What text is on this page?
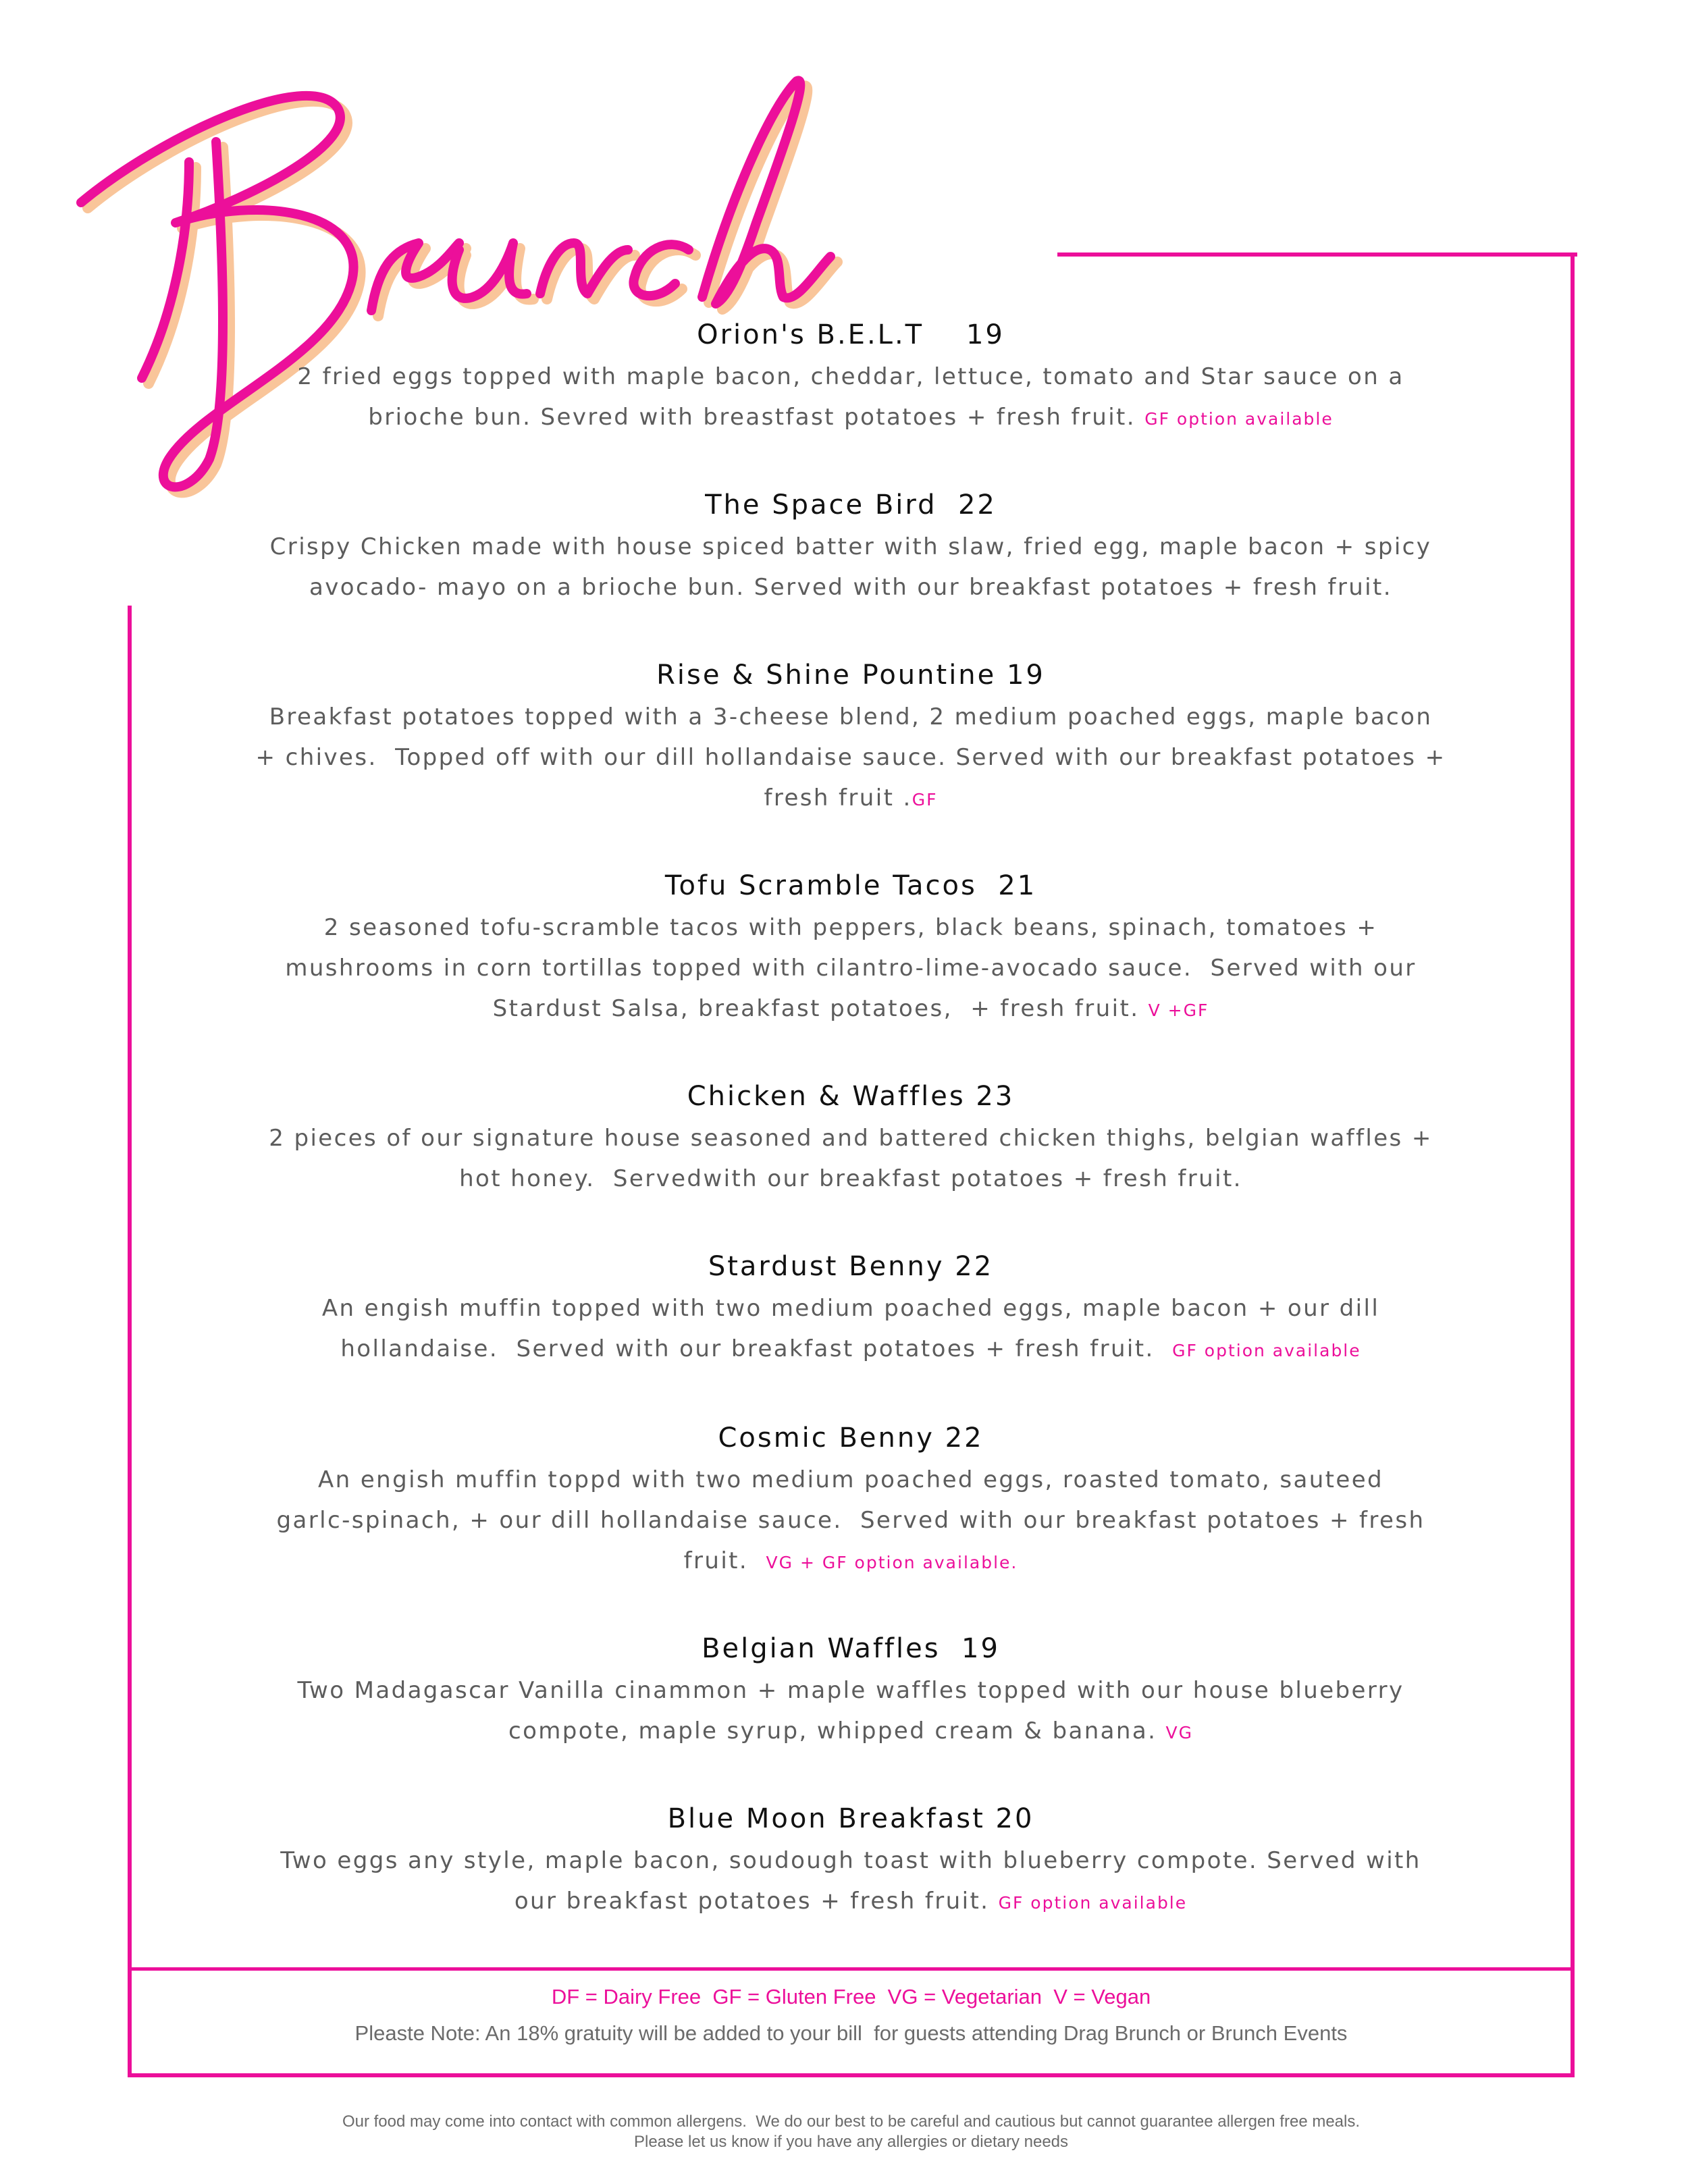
Orion's B.E.L.T    19
2 fried eggs topped with maple bacon, cheddar, lettuce, tomato and Star sauce on a
brioche bun. Sevred with breastfast potatoes + fresh fruit. GF option available
The Space Bird  22
Crispy Chicken made with house spiced batter with slaw, fried egg, maple bacon + spicy
avocado- mayo on a brioche bun. Served with our breakfast potatoes + fresh fruit.
Rise & Shine Pountine 19
Breakfast potatoes topped with a 3-cheese blend, 2 medium poached eggs, maple bacon
+ chives.  Topped off with our dill hollandaise sauce. Served with our breakfast potatoes +
fresh fruit .GF
Tofu Scramble Tacos  21
2 seasoned tofu-scramble tacos with peppers, black beans, spinach, tomatoes +
mushrooms in corn tortillas topped with cilantro-lime-avocado sauce.  Served with our
Stardust Salsa, breakfast potatoes,  + fresh fruit. V +GF
Chicken & Waffles 23
2 pieces of our signature house seasoned and battered chicken thighs, belgian waffles +
hot honey.  Servedwith our breakfast potatoes + fresh fruit.
Stardust Benny 22
An engish muffin topped with two medium poached eggs, maple bacon + our dill
hollandaise.  Served with our breakfast potatoes + fresh fruit.  GF option available
Cosmic Benny 22
An engish muffin toppd with two medium poached eggs, roasted tomato, sauteed
garlc-spinach, + our dill hollandaise sauce.  Served with our breakfast potatoes + fresh
fruit.  VG + GF option available.
Belgian Waffles  19
Two Madagascar Vanilla cinammon + maple waffles topped with our house blueberry
compote, maple syrup, whipped cream & banana. VG
Blue Moon Breakfast 20
Two eggs any style, maple bacon, soudough toast with blueberry compote. Served with
our breakfast potatoes + fresh fruit. GF option available
DF = Dairy Free  GF = Gluten Free  VG = Vegetarian  V = Vegan
Pleaste Note: An 18% gratuity will be added to your bill  for guests attending Drag Brunch or Brunch Events
Our food may come into contact with common allergens.  We do our best to be careful and cautious but cannot guarantee allergen free meals.
Please let us know if you have any allergies or dietary needs
